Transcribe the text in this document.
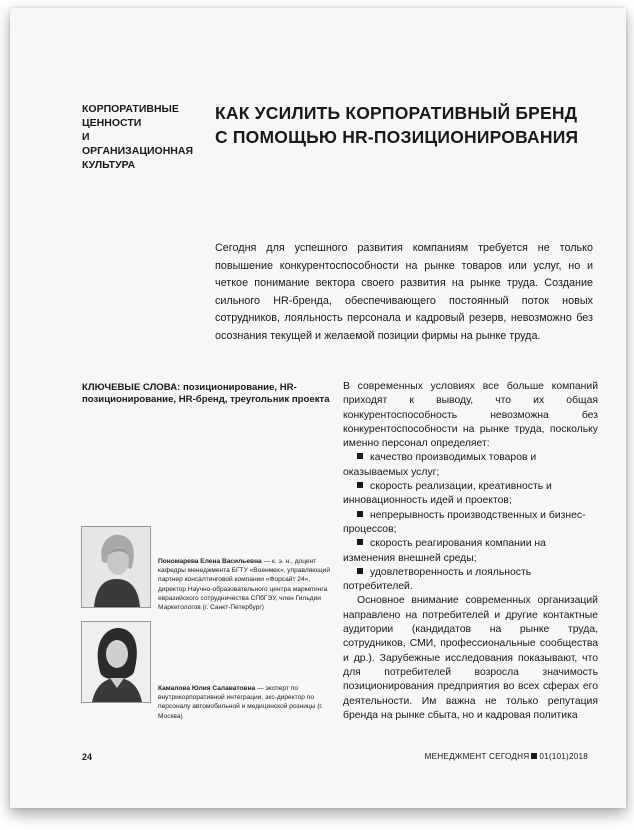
КОРПОРАТИВНЫЕ
ЦЕННОСТИ
И ОРГАНИЗАЦИОННАЯ
КУЛЬТУРА
КАК УСИЛИТЬ КОРПОРАТИВНЫЙ БРЕНД
С ПОМОЩЬЮ HR-ПОЗИЦИОНИРОВАНИЯ
Сегодня для успешного развития компаниям требуется не только повышение конкурентоспособности на рынке товаров или услуг, но и четкое понимание вектора своего развития на рынке труда. Создание сильного HR-бренда, обеспечивающего постоянный поток новых сотрудников, лояльность персонала и кадровый резерв, невозможно без осознания текущей и желаемой позиции фирмы на рынке труда.
КЛЮЧЕВЫЕ СЛОВА: позиционирование, HR-позиционирование, HR-бренд, треугольник проекта
Пономарева Елена Васильевна — к. э. н., доцент кафедры менеджмента БГТУ «Военмех», управляющий партнер консалтинговой компании «Форсайт 24», директор Научно-образовательного центра маркетинга евразийского сотрудничества СПбГЭУ, член Гильдии Маркетологов (г. Санкт-Петербург)
Камалова Юлия Салаватовна — эксперт по внутрикорпоративной интеграции, экс-директор по персоналу автомобильной и медицинской розницы (г. Москва)

В современных условиях все больше компаний приходят к выводу, что их общая конкурентоспособность невозможна без конкурентоспособности на рынке труда, поскольку именно персонал определяет:

качество производимых товаров и оказываемых услуг;
скорость реализации, креативность и инновационность идей и проектов;
непрерывность производственных и бизнес-процессов;
скорость реагирования компании на изменения внешней среды;
удовлетворенность и лояльность потребителей.

Основное внимание современных организаций направлено на потребителей и другие контактные аудитории (кандидатов на рынке труда, сотрудников, СМИ, профессиональные сообщества и др.). Зарубежные исследования показывают, что для потребителей возросла значимость позиционирования предприятия во всех сферах его деятельности. Им важна не только репутация бренда на рынке сбыта, но и кадровая политика

24	МЕНЕДЖМЕНТ СЕГОДНЯ 01(101)2018
